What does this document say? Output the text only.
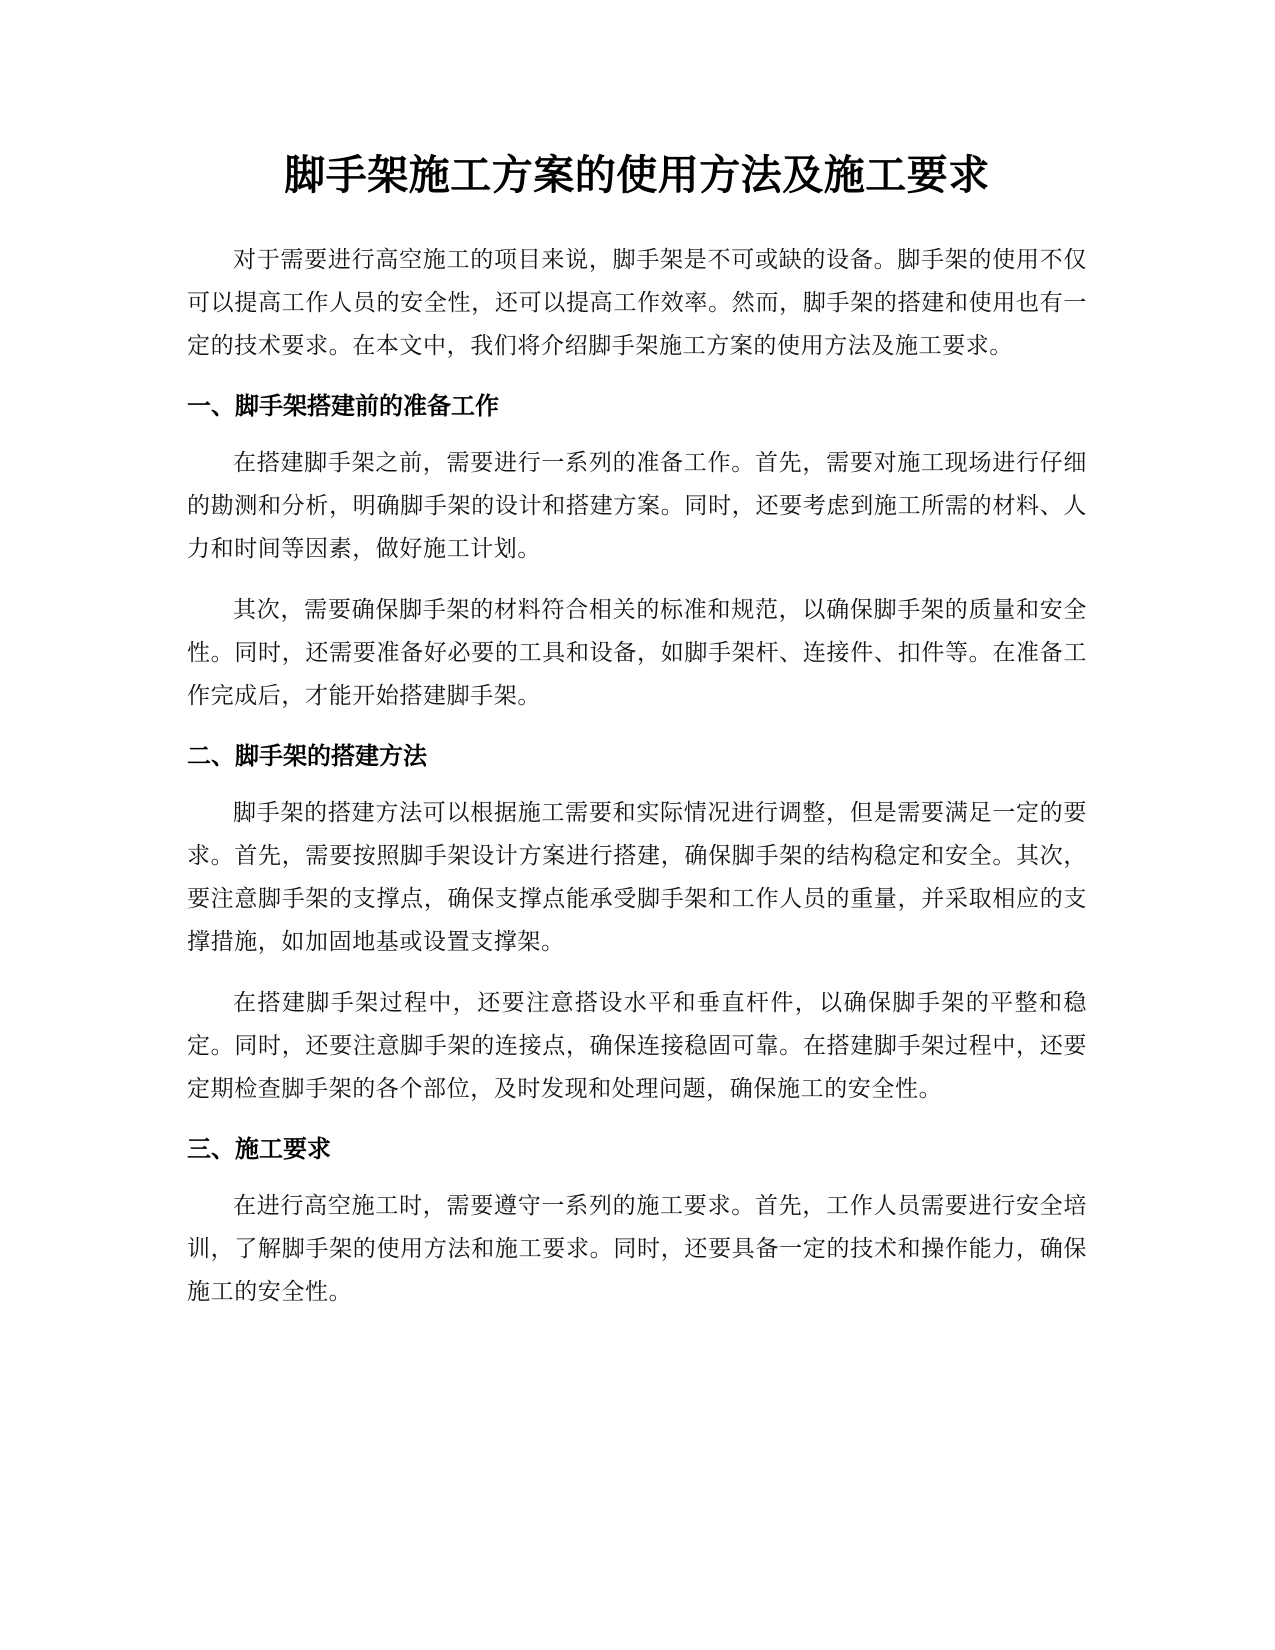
脚手架施工方案的使用方法及施工要求

对于需要进行高空施工的项目来说，脚手架是不可或缺的设备。脚手架的使用不仅可以提高工作人员的安全性，还可以提高工作效率。然而，脚手架的搭建和使用也有一定的技术要求。在本文中，我们将介绍脚手架施工方案的使用方法及施工要求。

一、脚手架搭建前的准备工作

在搭建脚手架之前，需要进行一系列的准备工作。首先，需要对施工现场进行仔细的勘测和分析，明确脚手架的设计和搭建方案。同时，还要考虑到施工所需的材料、人力和时间等因素，做好施工计划。

其次，需要确保脚手架的材料符合相关的标准和规范，以确保脚手架的质量和安全性。同时，还需要准备好必要的工具和设备，如脚手架杆、连接件、扣件等。在准备工作完成后，才能开始搭建脚手架。

二、脚手架的搭建方法

脚手架的搭建方法可以根据施工需要和实际情况进行调整，但是需要满足一定的要求。首先，需要按照脚手架设计方案进行搭建，确保脚手架的结构稳定和安全。其次，要注意脚手架的支撑点，确保支撑点能承受脚手架和工作人员的重量，并采取相应的支撑措施，如加固地基或设置支撑架。

在搭建脚手架过程中，还要注意搭设水平和垂直杆件，以确保脚手架的平整和稳定。同时，还要注意脚手架的连接点，确保连接稳固可靠。在搭建脚手架过程中，还要定期检查脚手架的各个部位，及时发现和处理问题，确保施工的安全性。

三、施工要求

在进行高空施工时，需要遵守一系列的施工要求。首先，工作人员需要进行安全培训，了解脚手架的使用方法和施工要求。同时，还要具备一定的技术和操作能力，确保施工的安全性。
